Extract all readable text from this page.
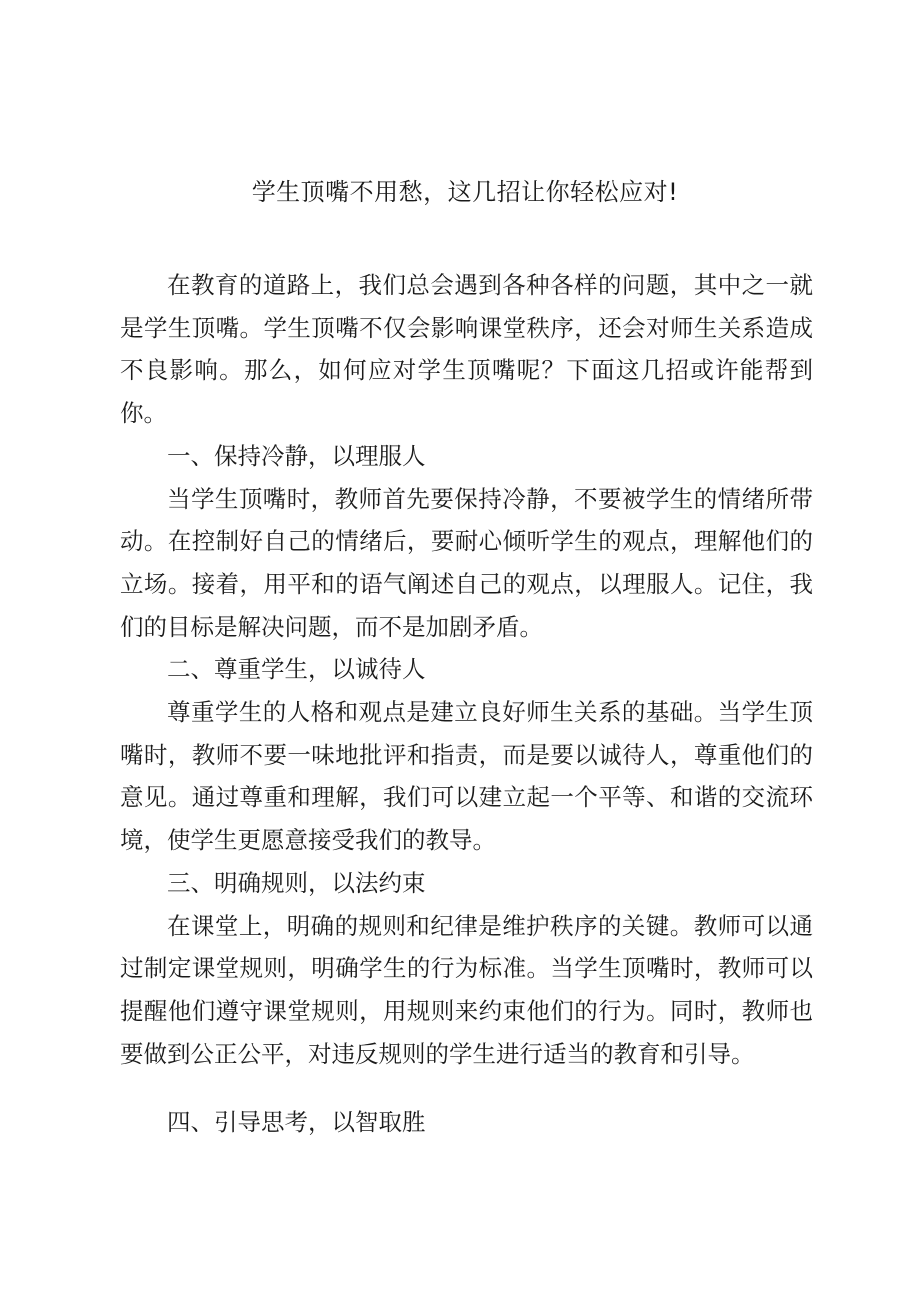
学生顶嘴不用愁，这几招让你轻松应对!

在教育的道路上，我们总会遇到各种各样的问题，其中之一就是学生顶嘴。学生顶嘴不仅会影响课堂秩序，还会对师生关系造成不良影响。那么，如何应对学生顶嘴呢？下面这几招或许能帮到你。

一、保持冷静，以理服人

当学生顶嘴时，教师首先要保持冷静，不要被学生的情绪所带动。在控制好自己的情绪后，要耐心倾听学生的观点，理解他们的立场。接着，用平和的语气阐述自己的观点，以理服人。记住，我们的目标是解决问题，而不是加剧矛盾。

二、尊重学生，以诚待人

尊重学生的人格和观点是建立良好师生关系的基础。当学生顶嘴时，教师不要一味地批评和指责，而是要以诚待人，尊重他们的意见。通过尊重和理解，我们可以建立起一个平等、和谐的交流环境，使学生更愿意接受我们的教导。

三、明确规则，以法约束

在课堂上，明确的规则和纪律是维护秩序的关键。教师可以通过制定课堂规则，明确学生的行为标准。当学生顶嘴时，教师可以提醒他们遵守课堂规则，用规则来约束他们的行为。同时，教师也要做到公正公平，对违反规则的学生进行适当的教育和引导。

四、引导思考，以智取胜
